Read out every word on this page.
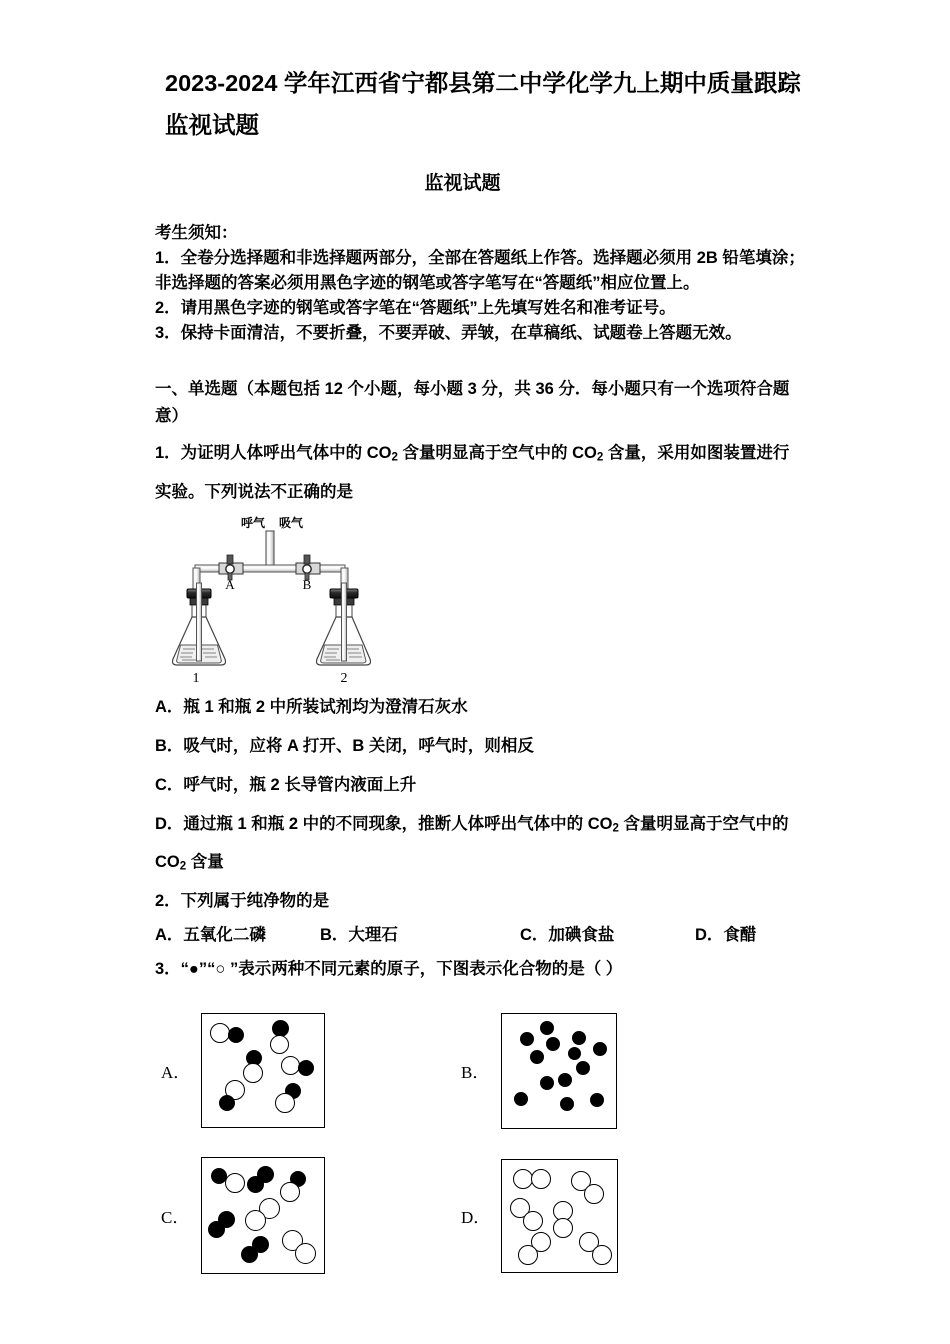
2023-2024 学年江西省宁都县第二中学化学九上期中质量跟踪
监视试题
监视试题

考生须知：

1．全卷分选择题和非选择题两部分，全部在答题纸上作答。选择题必须用 2B 铅笔填涂；

非选择题的答案必须用黑色字迹的钢笔或答字笔写在“答题纸”相应位置上。

2．请用黑色字迹的钢笔或答字笔在“答题纸”上先填写姓名和准考证号。

3．保持卡面清洁，不要折叠，不要弄破、弄皱，在草稿纸、试题卷上答题无效。

一、单选题（本题包括 12 个小题，每小题 3 分，共 36 分．每小题只有一个选项符合题
意）
1．为证明人体呼出气体中的 $CO_2$ 含量明显高于空气中的 $CO_2$ 含量，采用如图装置进行
实验。下列说法不正确的是
1	2
A	B
呼气 吸气
A．瓶 1 和瓶 2 中所装试剂均为澄清石灰水
B．吸气时，应将 A 打开、B 关闭，呼气时，则相反
C．呼气时，瓶 2 长导管内液面上升
D．通过瓶 1 和瓶 2 中的不同现象，推断人体呼出气体中的 $CO_2$ 含量明显高于空气中的
$CO_2$ 含量
2．下列属于纯净物的是
A．五氧化二磷	B．大理石	C．加碘食盐	D．食醋
3．“●”“○ ”表示两种不同元素的原子，下图表示化合物的是（ ）
A．	B．
C．	D．
